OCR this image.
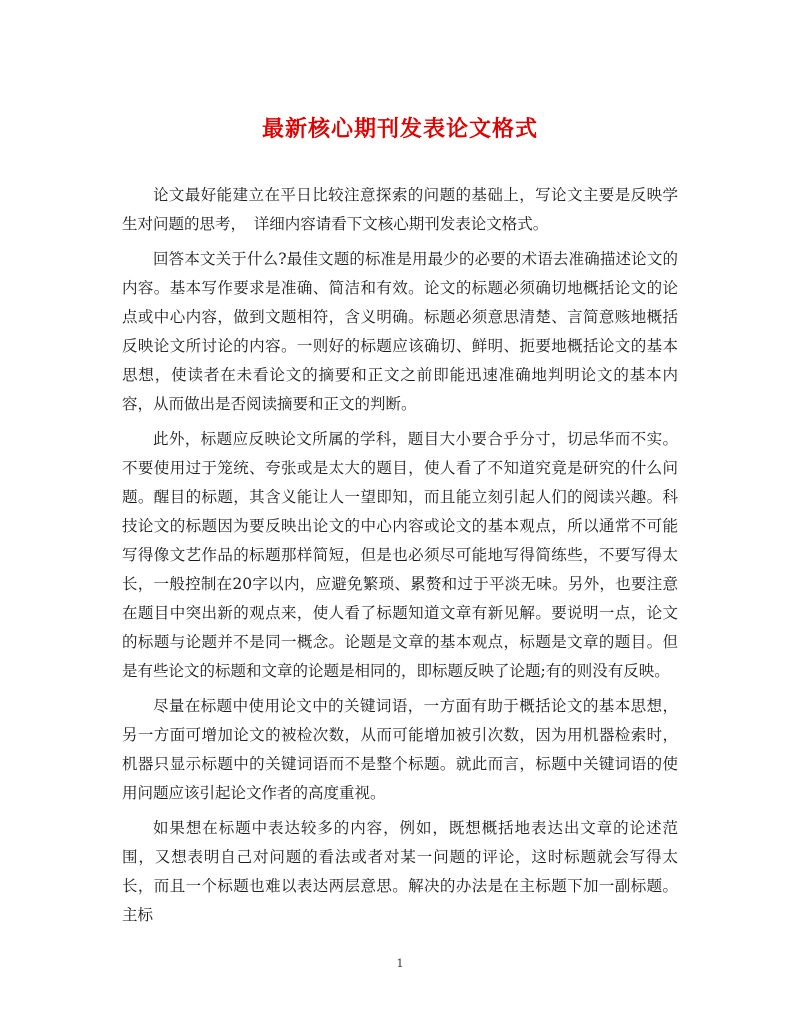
最新核心期刊发表论文格式

论文最好能建立在平日比较注意探索的问题的基础上，写论文主要是反映学生对问题的思考，　详细内容请看下文核心期刊发表论文格式。

回答本文关于什么?最佳文题的标准是用最少的必要的术语去准确描述论文的内容。基本写作要求是准确、简洁和有效。论文的标题必须确切地概括论文的论点或中心内容，做到文题相符，含义明确。标题必须意思清楚、言简意赅地概括反映论文所讨论的内容。一则好的标题应该确切、鲜明、扼要地概括论文的基本思想，使读者在未看论文的摘要和正文之前即能迅速准确地判明论文的基本内容，从而做出是否阅读摘要和正文的判断。

此外，标题应反映论文所属的学科，题目大小要合乎分寸，切忌华而不实。不要使用过于笼统、夸张或是太大的题目，使人看了不知道究竟是研究的什么问题。醒目的标题，其含义能让人一望即知，而且能立刻引起人们的阅读兴趣。科技论文的标题因为要反映出论文的中心内容或论文的基本观点，所以通常不可能写得像文艺作品的标题那样简短，但是也必须尽可能地写得简练些，不要写得太长，一般控制在20字以内，应避免繁琐、累赘和过于平淡无味。另外，也要注意在题目中突出新的观点来，使人看了标题知道文章有新见解。要说明一点，论文的标题与论题并不是同一概念。论题是文章的基本观点，标题是文章的题目。但是有些论文的标题和文章的论题是相同的，即标题反映了论题;有的则没有反映。

尽量在标题中使用论文中的关键词语，一方面有助于概括论文的基本思想，另一方面可增加论文的被检次数，从而可能增加被引次数，因为用机器检索时，机器只显示标题中的关键词语而不是整个标题。就此而言，标题中关键词语的使用问题应该引起论文作者的高度重视。

如果想在标题中表达较多的内容，例如，既想概括地表达出文章的论述范围，又想表明自己对问题的看法或者对某一问题的评论，这时标题就会写得太长，而且一个标题也难以表达两层意思。解决的办法是在主标题下加一副标题。主标

1
